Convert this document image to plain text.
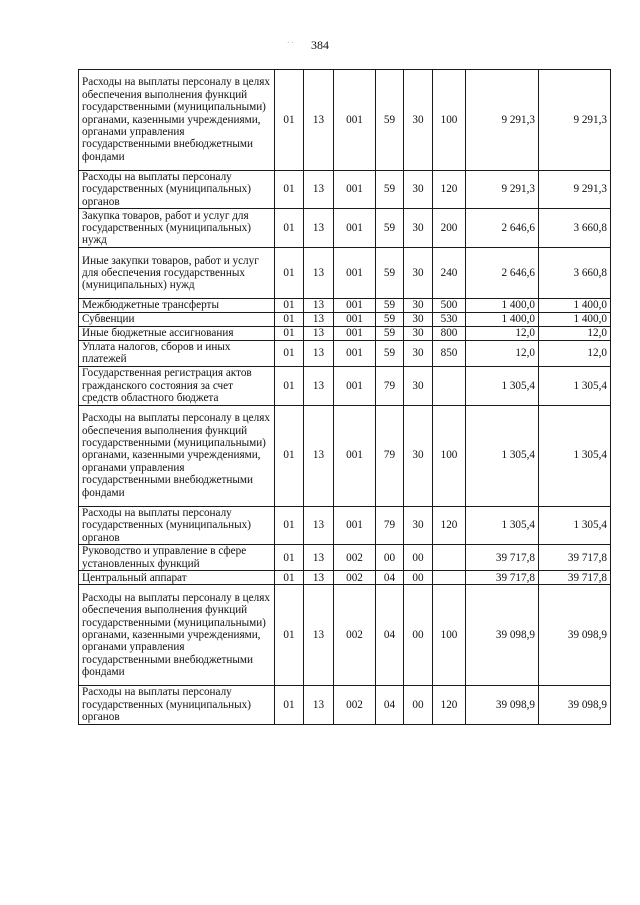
· ·	384
Расходы на выплаты персоналу в целях обеспечения выполнения функций государственными (муниципальными) органами, казенными учреждениями, органами управления государственными внебюджетными фондами	01	13	001	59	30	100	9 291,3	9 291,3
Расходы на выплаты персоналу государственных (муниципальных) органов	01	13	001	59	30	120	9 291,3	9 291,3
Закупка товаров, работ и услуг для государственных (муниципальных) нужд	01	13	001	59	30	200	2 646,6	3 660,8
Иные закупки товаров, работ и услуг для обеспечения государственных (муниципальных) нужд	01	13	001	59	30	240	2 646,6	3 660,8
Межбюджетные трансферты	01	13	001	59	30	500	1 400,0	1 400,0
Субвенции	01	13	001	59	30	530	1 400,0	1 400,0
Иные бюджетные ассигнования	01	13	001	59	30	800	12,0	12,0
Уплата налогов, сборов и иных платежей	01	13	001	59	30	850	12,0	12,0
Государственная регистрация актов гражданского состояния за счет средств областного бюджета	01	13	001	79	30		1 305,4	1 305,4
Расходы на выплаты персоналу в целях обеспечения выполнения функций государственными (муниципальными) органами, казенными учреждениями, органами управления государственными внебюджетными фондами	01	13	001	79	30	100	1 305,4	1 305,4
Расходы на выплаты персоналу государственных (муниципальных) органов	01	13	001	79	30	120	1 305,4	1 305,4
Руководство и управление в сфере установленных функций	01	13	002	00	00		39 717,8	39 717,8
Центральный аппарат	01	13	002	04	00		39 717,8	39 717,8
Расходы на выплаты персоналу в целях обеспечения выполнения функций государственными (муниципальными) органами, казенными учреждениями, органами управления государственными внебюджетными фондами	01	13	002	04	00	100	39 098,9	39 098,9
Расходы на выплаты персоналу государственных (муниципальных) органов	01	13	002	04	00	120	39 098,9	39 098,9
